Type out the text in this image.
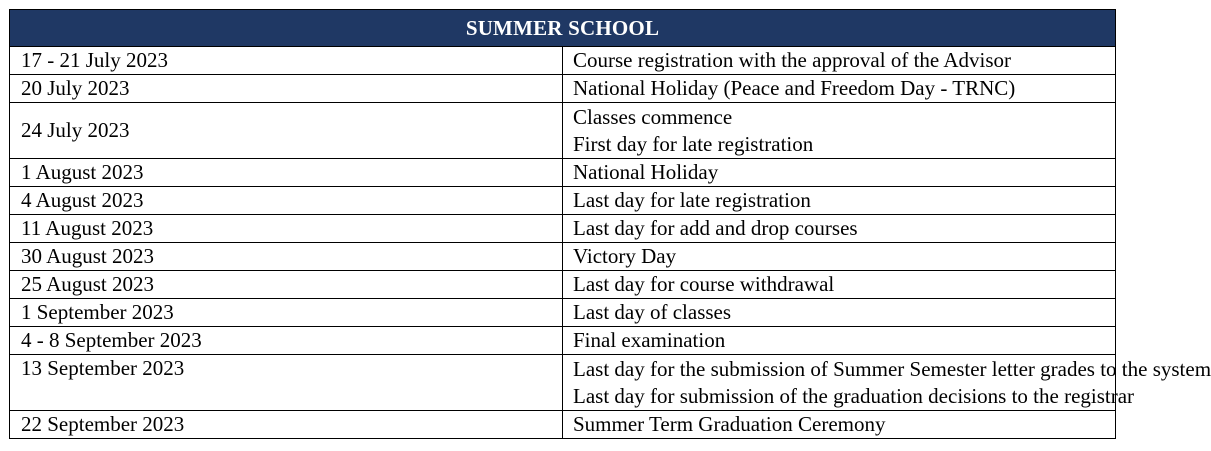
SUMMER SCHOOL	
17 - 21 July 2023	Course registration with the approval of the Advisor

20 July 2023	National Holiday (Peace and Freedom Day - TRNC)

24 July 2023	Classes commence
First day for late registration

1 August 2023	National Holiday

4 August 2023	Last day for late registration

11 August 2023	Last day for add and drop courses

30 August 2023	Victory Day

25 August 2023	Last day for course withdrawal

1 September 2023	Last day of classes

4 - 8 September 2023	Final examination

13 September 2023	Last day for the submission of Summer Semester letter grades to the system
Last day for submission of the graduation decisions to the registrar

22 September 2023	Summer Term Graduation Ceremony
